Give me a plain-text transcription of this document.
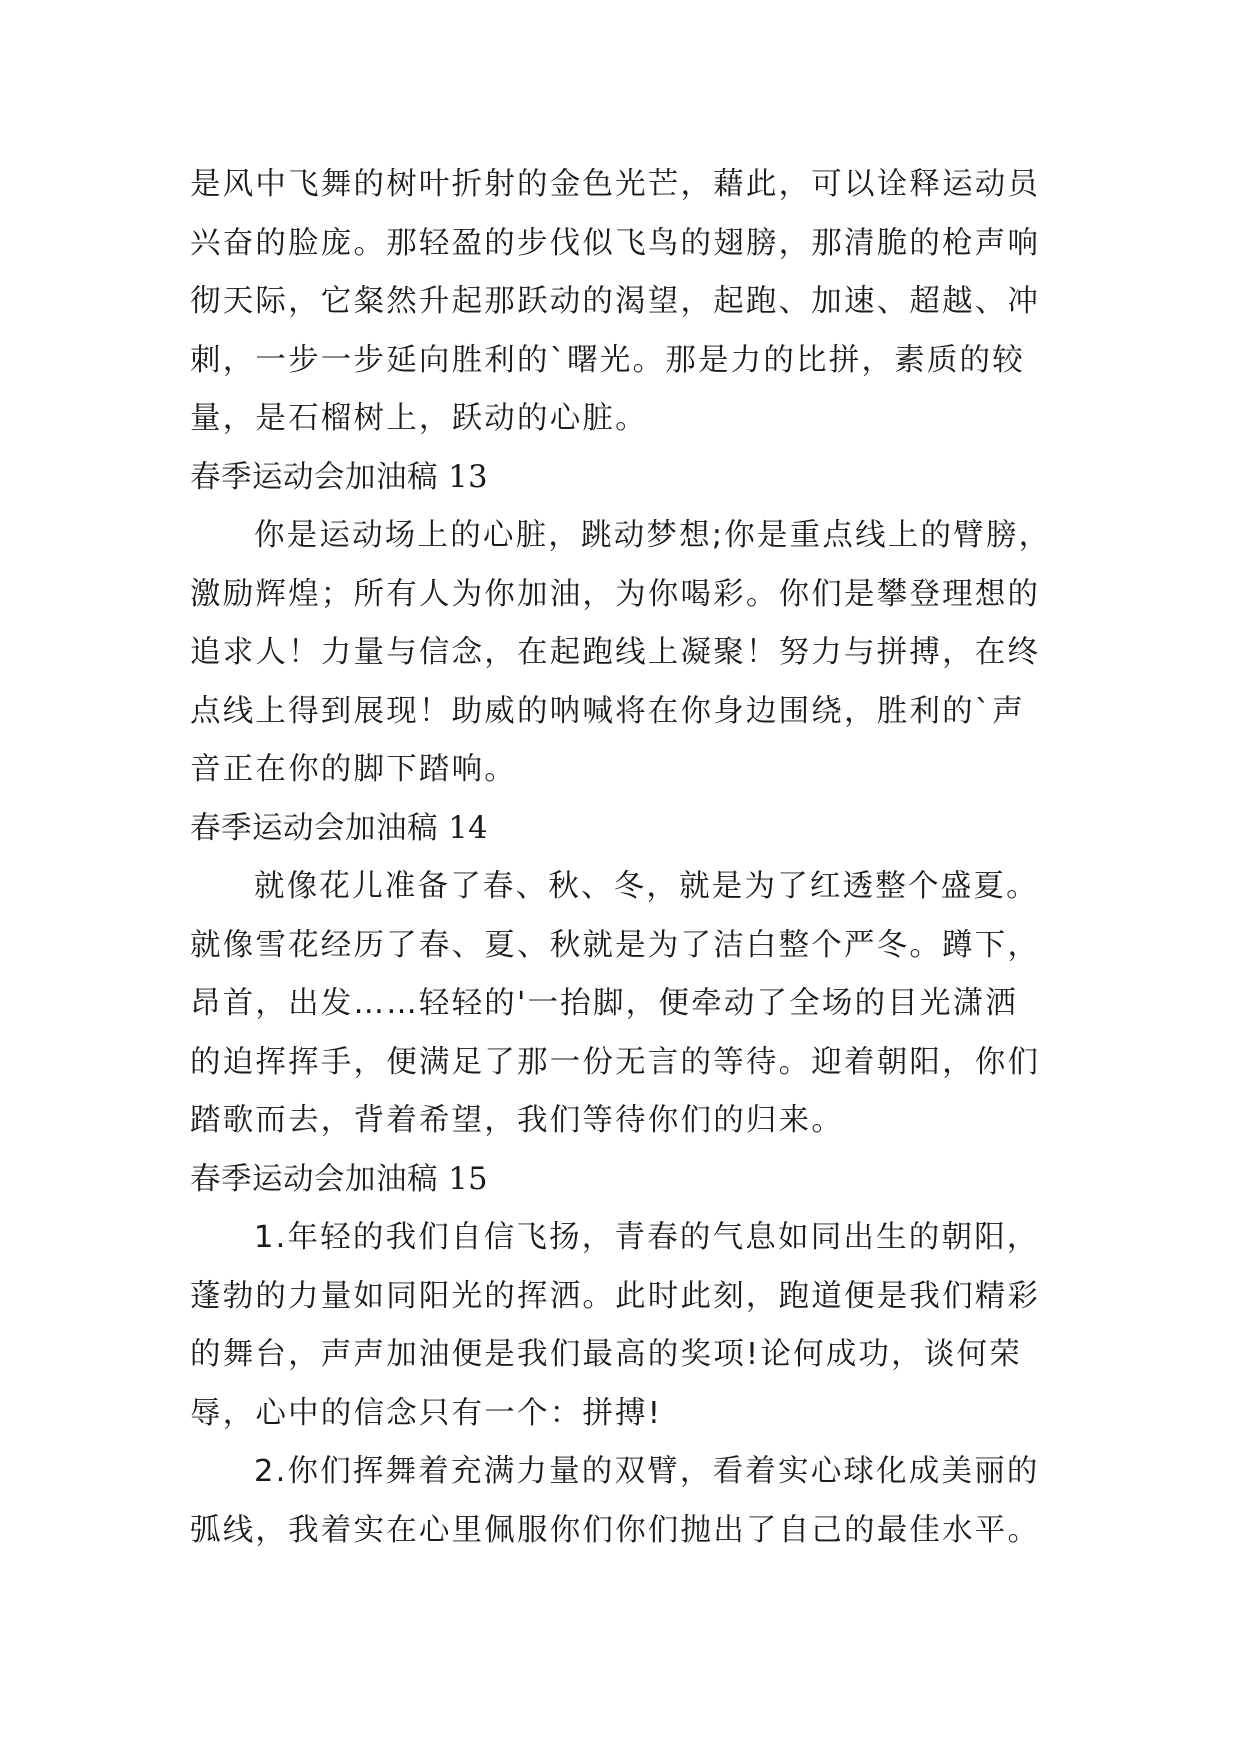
是风中飞舞的树叶折射的金色光芒，藉此，可以诠释运动员
兴奋的脸庞。那轻盈的步伐似飞鸟的翅膀，那清脆的枪声响
彻天际，它粲然升起那跃动的渴望，起跑、加速、超越、冲
刺，一步一步延向胜利的`曙光。那是力的比拼，素质的较
量，是石榴树上，跃动的心脏。
春季运动会加油稿 13
你是运动场上的心脏，跳动梦想;你是重点线上的臂膀，
激励辉煌；所有人为你加油，为你喝彩。你们是攀登理想的
追求人！力量与信念，在起跑线上凝聚！努力与拼搏，在终
点线上得到展现！助威的呐喊将在你身边围绕，胜利的`声
音正在你的脚下踏响。
春季运动会加油稿 14
就像花儿准备了春、秋、冬，就是为了红透整个盛夏。
就像雪花经历了春、夏、秋就是为了洁白整个严冬。蹲下，
昂首，出发……轻轻的'一抬脚，便牵动了全场的目光潇洒
的迫挥挥手，便满足了那一份无言的等待。迎着朝阳，你们
踏歌而去，背着希望，我们等待你们的归来。
春季运动会加油稿 15
1.年轻的我们自信飞扬，青春的气息如同出生的朝阳，
蓬勃的力量如同阳光的挥洒。此时此刻，跑道便是我们精彩
的舞台，声声加油便是我们最高的奖项!论何成功，谈何荣
辱，心中的信念只有一个：拼搏!
2.你们挥舞着充满力量的双臂，看着实心球化成美丽的
弧线，我着实在心里佩服你们你们抛出了自己的最佳水平。
